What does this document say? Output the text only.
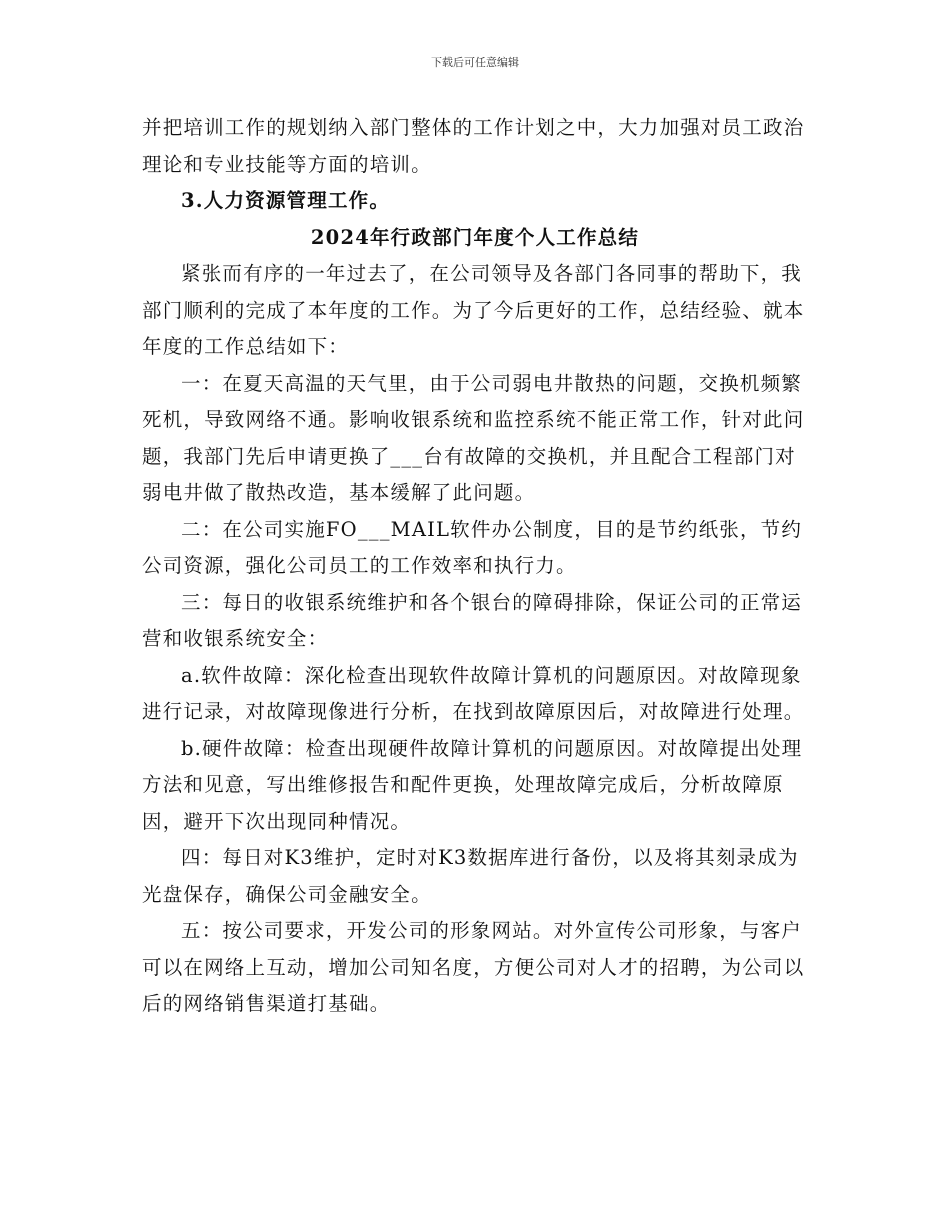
下载后可任意编辑

并把培训工作的规划纳入部门整体的工作计划之中，大力加强对员工政治理论和专业技能等方面的培训。

3.人力资源管理工作。

2024年行政部门年度个人工作总结

紧张而有序的一年过去了，在公司领导及各部门各同事的帮助下，我部门顺利的完成了本年度的工作。为了今后更好的工作，总结经验、就本年度的工作总结如下：

一：在夏天高温的天气里，由于公司弱电井散热的问题，交换机频繁死机，导致网络不通。影响收银系统和监控系统不能正常工作，针对此问题，我部门先后申请更换了___台有故障的交换机，并且配合工程部门对弱电井做了散热改造，基本缓解了此问题。

二：在公司实施FO___MAIL软件办公制度，目的是节约纸张，节约公司资源，强化公司员工的工作效率和执行力。

三：每日的收银系统维护和各个银台的障碍排除，保证公司的正常运营和收银系统安全：

a.软件故障：深化检查出现软件故障计算机的问题原因。对故障现象进行记录，对故障现像进行分析，在找到故障原因后，对故障进行处理。

b.硬件故障：检查出现硬件故障计算机的问题原因。对故障提出处理方法和见意，写出维修报告和配件更换，处理故障完成后，分析故障原因，避开下次出现同种情况。

四：每日对K3维护，定时对K3数据库进行备份，以及将其刻录成为光盘保存，确保公司金融安全。

五：按公司要求，开发公司的形象网站。对外宣传公司形象，与客户可以在网络上互动，增加公司知名度，方便公司对人才的招聘，为公司以后的网络销售渠道打基础。
